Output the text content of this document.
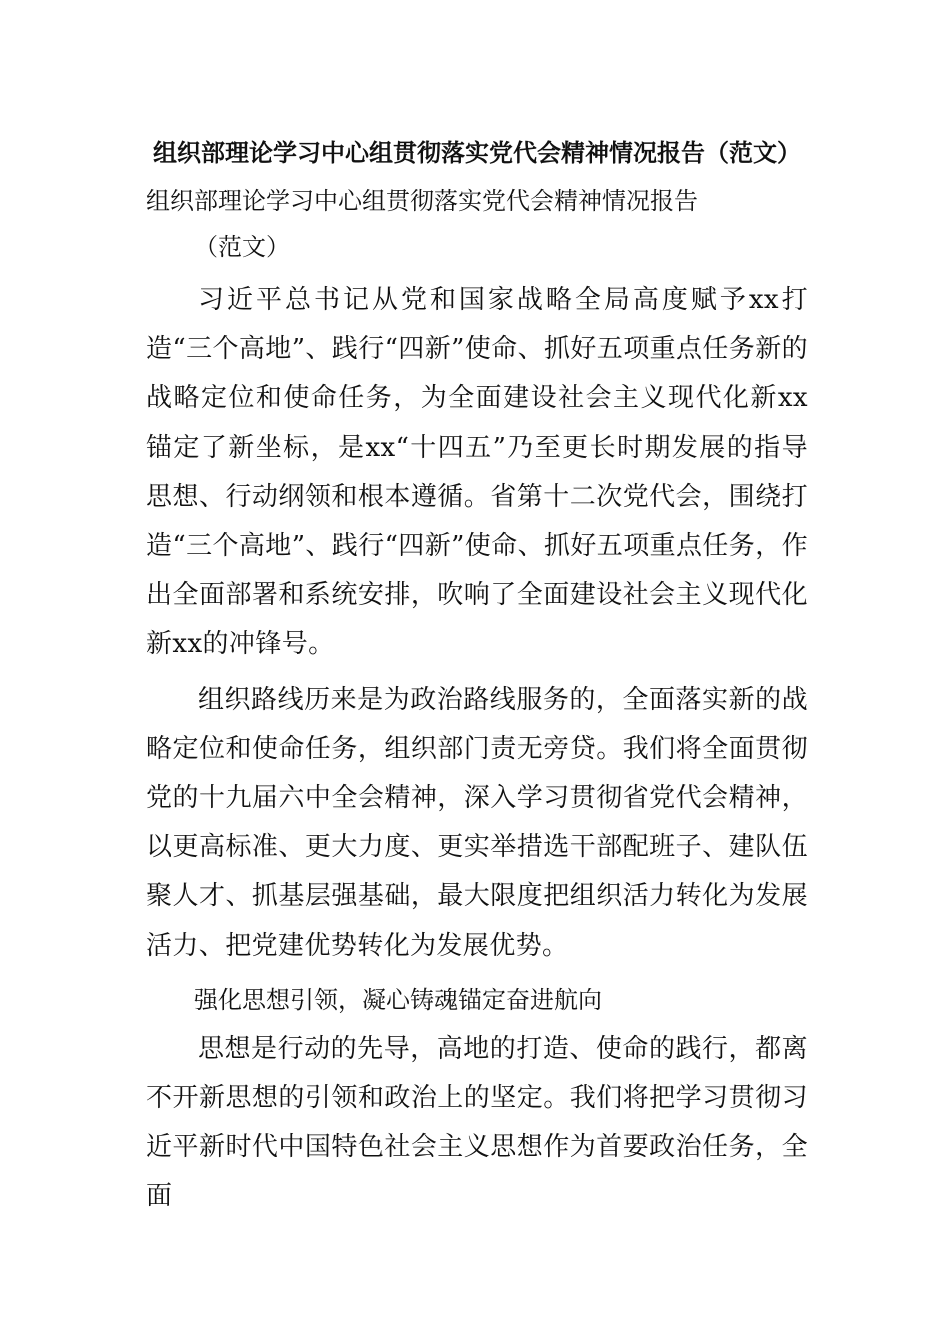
组织部理论学习中心组贯彻落实党代会精神情况报告（范文）
组织部理论学习中心组贯彻落实党代会精神情况报告
（范文）

习近平总书记从党和国家战略全局高度赋予xx打造“三个高地”、践行“四新”使命、抓好五项重点任务新的战略定位和使命任务，为全面建设社会主义现代化新xx锚定了新坐标，是xx“十四五”乃至更长时期发展的指导思想、行动纲领和根本遵循。省第十二次党代会，围绕打造“三个高地”、践行“四新”使命、抓好五项重点任务，作出全面部署和系统安排，吹响了全面建设社会主义现代化新xx的冲锋号。

组织路线历来是为政治路线服务的，全面落实新的战略定位和使命任务，组织部门责无旁贷。我们将全面贯彻党的十九届六中全会精神，深入学习贯彻省党代会精神，以更高标准、更大力度、更实举措选干部配班子、建队伍聚人才、抓基层强基础，最大限度把组织活力转化为发展活力、把党建优势转化为发展优势。

强化思想引领，凝心铸魂锚定奋进航向

思想是行动的先导，高地的打造、使命的践行，都离不开新思想的引领和政治上的坚定。我们将把学习贯彻习近平新时代中国特色社会主义思想作为首要政治任务，全面
